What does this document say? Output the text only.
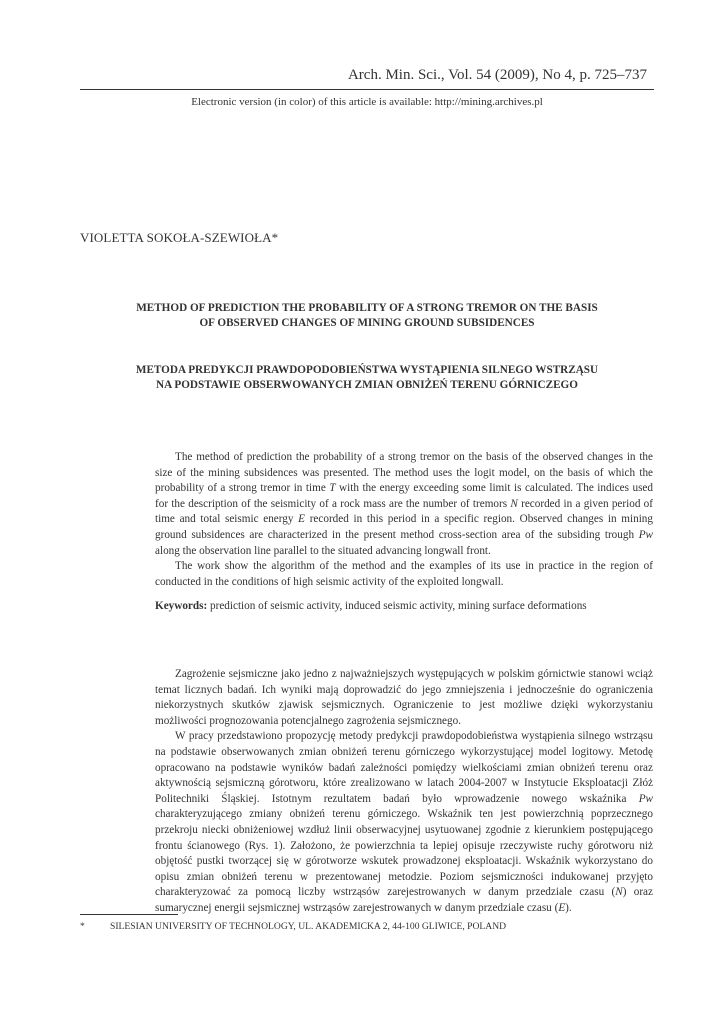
Arch. Min. Sci., Vol. 54 (2009), No 4, p. 725–737
Electronic version (in color) of this article is available: http://mining.archives.pl
VIOLETTA SOKOŁA-SZEWIOŁA*
METHOD OF PREDICTION THE PROBABILITY OF A STRONG TREMOR ON THE BASIS
OF OBSERVED CHANGES OF MINING GROUND SUBSIDENCES
METODA PREDYKCJI PRAWDOPODOBIEŃSTWA WYSTĄPIENIA SILNEGO WSTRZĄSU
NA PODSTAWIE OBSERWOWANYCH ZMIAN OBNIŻEŃ TERENU GÓRNICZEGO

The method of prediction the probability of a strong tremor on the basis of the observed changes in the size of the mining subsidences was presented. The method uses the logit model, on the basis of which the probability of a strong tremor in time T with the energy exceeding some limit is calculated. The indices used for the description of the seismicity of a rock mass are the number of tremors N recorded in a given period of time and total seismic energy E recorded in this period in a specific region. Observed changes in mining ground subsidences are characterized in the present method cross-section area of the subsiding trough Pw along the observation line parallel to the situated advancing longwall front.

The work show the algorithm of the method and the examples of its use in practice in the region of conducted in the conditions of high seismic activity of the exploited longwall.

Keywords: prediction of seismic activity, induced seismic activity, mining surface deformations

Zagrożenie sejsmiczne jako jedno z najważniejszych występujących w polskim górnictwie stanowi wciąż temat licznych badań. Ich wyniki mają doprowadzić do jego zmniejszenia i jednocześnie do ograniczenia niekorzystnych skutków zjawisk sejsmicznych. Ograniczenie to jest możliwe dzięki wykorzystaniu możliwości prognozowania potencjalnego zagrożenia sejsmicznego.

W pracy przedstawiono propozycję metody predykcji prawdopodobieństwa wystąpienia silnego wstrząsu na podstawie obserwowanych zmian obniżeń terenu górniczego wykorzystującej model logitowy. Metodę opracowano na podstawie wyników badań zależności pomiędzy wielkościami zmian obniżeń terenu oraz aktywnością sejsmiczną górotworu, które zrealizowano w latach 2004-2007 w Instytucie Eksploatacji Złóż Politechniki Śląskiej. Istotnym rezultatem badań było wprowadzenie nowego wskaźnika Pw charakteryzującego zmiany obniżeń terenu górniczego. Wskaźnik ten jest powierzchnią poprzecznego przekroju niecki obniżeniowej wzdłuż linii obserwacyjnej usytuowanej zgodnie z kierunkiem postępującego frontu ścianowego (Rys. 1). Założono, że powierzchnia ta lepiej opisuje rzeczywiste ruchy górotworu niż objętość pustki tworzącej się w górotworze wskutek prowadzonej eksploatacji. Wskaźnik wykorzystano do opisu zmian obniżeń terenu w prezentowanej metodzie. Poziom sejsmiczności indukowanej przyjęto charakteryzować za pomocą liczby wstrząsów zarejestrowanych w danym przedziale czasu (N) oraz sumarycznej energii sejsmicznej wstrząsów zarejestrowanych w danym przedziale czasu (E).

*	SILESIAN UNIVERSITY OF TECHNOLOGY, UL. AKADEMICKA 2, 44-100 GLIWICE, POLAND
